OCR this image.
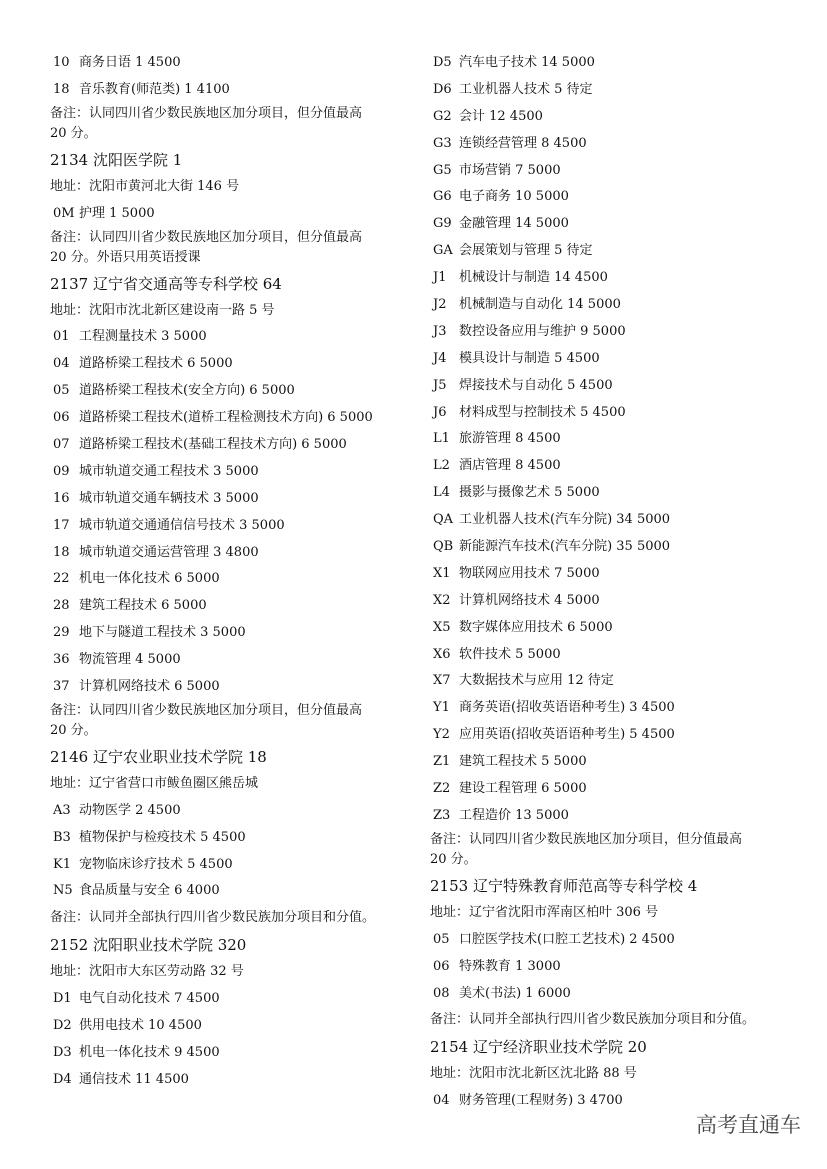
10 商务日语 1 4500
18 音乐教育(师范类) 1 4100
备注：认同四川省少数民族地区加分项目，但分值最高
20 分。
2134 沈阳医学院 1
地址：沈阳市黄河北大街 146 号
0M 护理 1 5000
备注：认同四川省少数民族地区加分项目，但分值最高
20 分。外语只用英语授课
2137 辽宁省交通高等专科学校 64
地址：沈阳市沈北新区建设南一路 5 号
01 工程测量技术 3 5000
04 道路桥梁工程技术 6 5000
05 道路桥梁工程技术(安全方向) 6 5000
06 道路桥梁工程技术(道桥工程检测技术方向) 6 5000
07 道路桥梁工程技术(基础工程技术方向) 6 5000
09 城市轨道交通工程技术 3 5000
16 城市轨道交通车辆技术 3 5000
17 城市轨道交通通信信号技术 3 5000
18 城市轨道交通运营管理 3 4800
22 机电一体化技术 6 5000
28 建筑工程技术 6 5000
29 地下与隧道工程技术 3 5000
36 物流管理 4 5000
37 计算机网络技术 6 5000
备注：认同四川省少数民族地区加分项目，但分值最高
20 分。
2146 辽宁农业职业技术学院 18
地址：辽宁省营口市鲅鱼圈区熊岳城
A3 动物医学 2 4500
B3 植物保护与检疫技术 5 4500
K1 宠物临床诊疗技术 5 4500
N5 食品质量与安全 6 4000
备注：认同并全部执行四川省少数民族加分项目和分值。
2152 沈阳职业技术学院 320
地址：沈阳市大东区劳动路 32 号
D1 电气自动化技术 7 4500
D2 供用电技术 10 4500
D3 机电一体化技术 9 4500
D4 通信技术 11 4500
D5 汽车电子技术 14 5000
D6 工业机器人技术 5 待定
G2 会计 12 4500
G3 连锁经营管理 8 4500
G5 市场营销 7 5000
G6 电子商务 10 5000
G9 金融管理 14 5000
GA 会展策划与管理 5 待定
J1 机械设计与制造 14 4500
J2 机械制造与自动化 14 5000
J3 数控设备应用与维护 9 5000
J4 模具设计与制造 5 4500
J5 焊接技术与自动化 5 4500
J6 材料成型与控制技术 5 4500
L1 旅游管理 8 4500
L2 酒店管理 8 4500
L4 摄影与摄像艺术 5 5000
QA 工业机器人技术(汽车分院) 34 5000
QB 新能源汽车技术(汽车分院) 35 5000
X1 物联网应用技术 7 5000
X2 计算机网络技术 4 5000
X5 数字媒体应用技术 6 5000
X6 软件技术 5 5000
X7 大数据技术与应用 12 待定
Y1 商务英语(招收英语语种考生) 3 4500
Y2 应用英语(招收英语语种考生) 5 4500
Z1 建筑工程技术 5 5000
Z2 建设工程管理 6 5000
Z3 工程造价 13 5000
备注：认同四川省少数民族地区加分项目，但分值最高
20 分。
2153 辽宁特殊教育师范高等专科学校 4
地址：辽宁省沈阳市浑南区柏叶 306 号
05 口腔医学技术(口腔工艺技术) 2 4500
06 特殊教育 1 3000
08 美术(书法) 1 6000
备注：认同并全部执行四川省少数民族加分项目和分值。
2154 辽宁经济职业技术学院 20
地址：沈阳市沈北新区沈北路 88 号
04 财务管理(工程财务) 3 4700
高考直通车
